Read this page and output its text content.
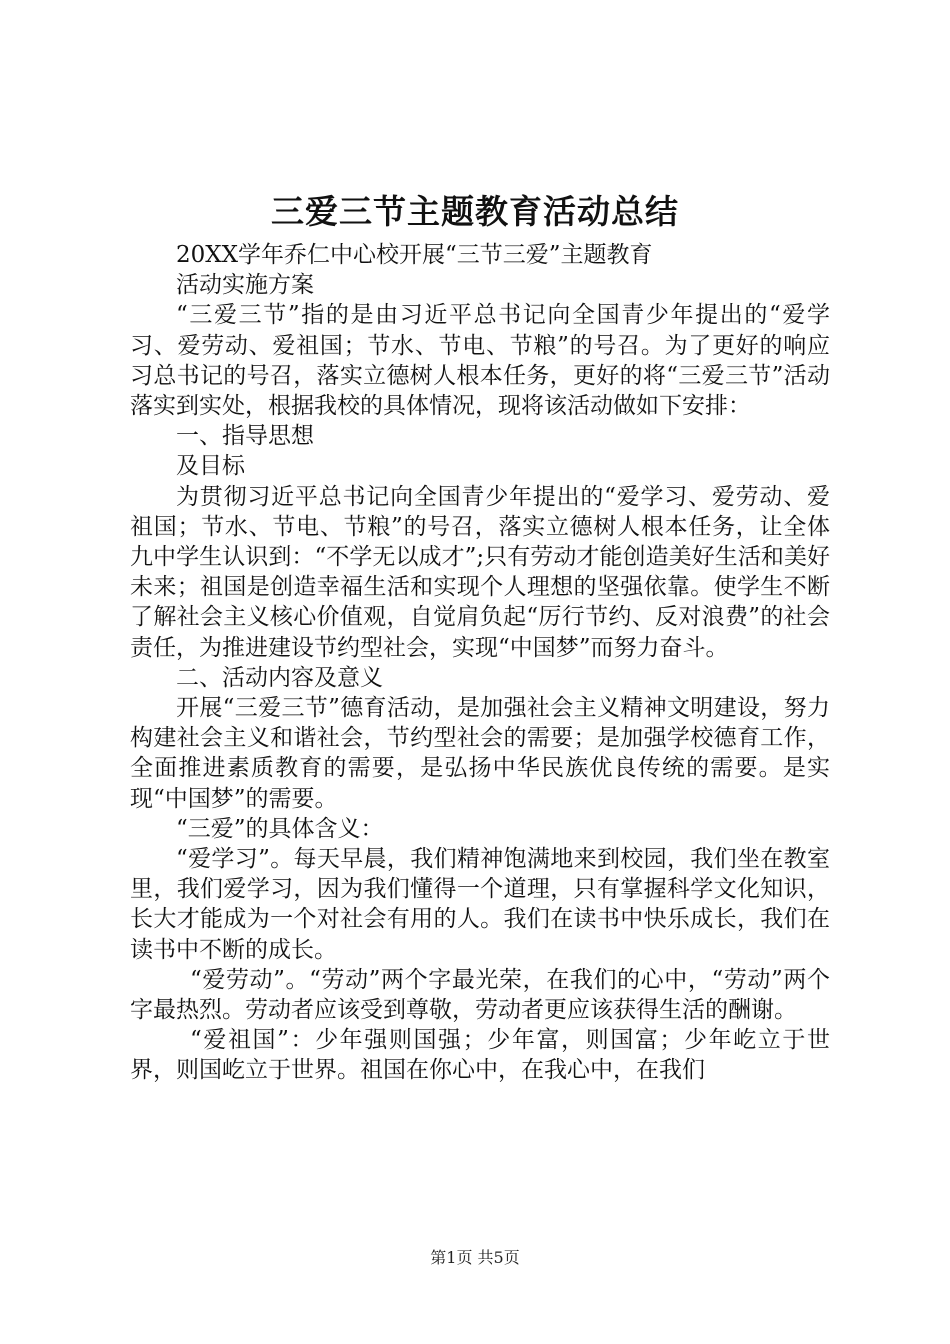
三爱三节主题教育活动总结

20XX学年乔仁中心校开展“三节三爱”主题教育

活动实施方案

“三爱三节”指的是由习近平总书记向全国青少年提出的“爱学习、爱劳动、爱祖国；节水、节电、节粮”的号召。为了更好的响应习总书记的号召，落实立德树人根本任务，更好的将“三爱三节”活动落实到实处，根据我校的具体情况，现将该活动做如下安排：

一、指导思想

及目标

为贯彻习近平总书记向全国青少年提出的“爱学习、爱劳动、爱祖国；节水、节电、节粮”的号召，落实立德树人根本任务，让全体九中学生认识到：“不学无以成才”;只有劳动才能创造美好生活和美好未来；祖国是创造幸福生活和实现个人理想的坚强依靠。使学生不断了解社会主义核心价值观，自觉肩负起“厉行节约、反对浪费”的社会责任，为推进建设节约型社会，实现“中国梦”而努力奋斗。

二、活动内容及意义

开展“三爱三节”德育活动，是加强社会主义精神文明建设，努力构建社会主义和谐社会，节约型社会的需要；是加强学校德育工作，全面推进素质教育的需要，是弘扬中华民族优良传统的需要。是实现“中国梦”的需要。

“三爱”的具体含义：

“爱学习”。每天早晨，我们精神饱满地来到校园，我们坐在教室里，我们爱学习，因为我们懂得一个道理，只有掌握科学文化知识，长大才能成为一个对社会有用的人。我们在读书中快乐成长，我们在读书中不断的成长。

“爱劳动”。“劳动”两个字最光荣，在我们的心中，“劳动”两个字最热烈。劳动者应该受到尊敬，劳动者更应该获得生活的酬谢。

“爱祖国”：少年强则国强；少年富，则国富；少年屹立于世界，则国屹立于世界。祖国在你心中，在我心中，在我们

第1页 共5页
